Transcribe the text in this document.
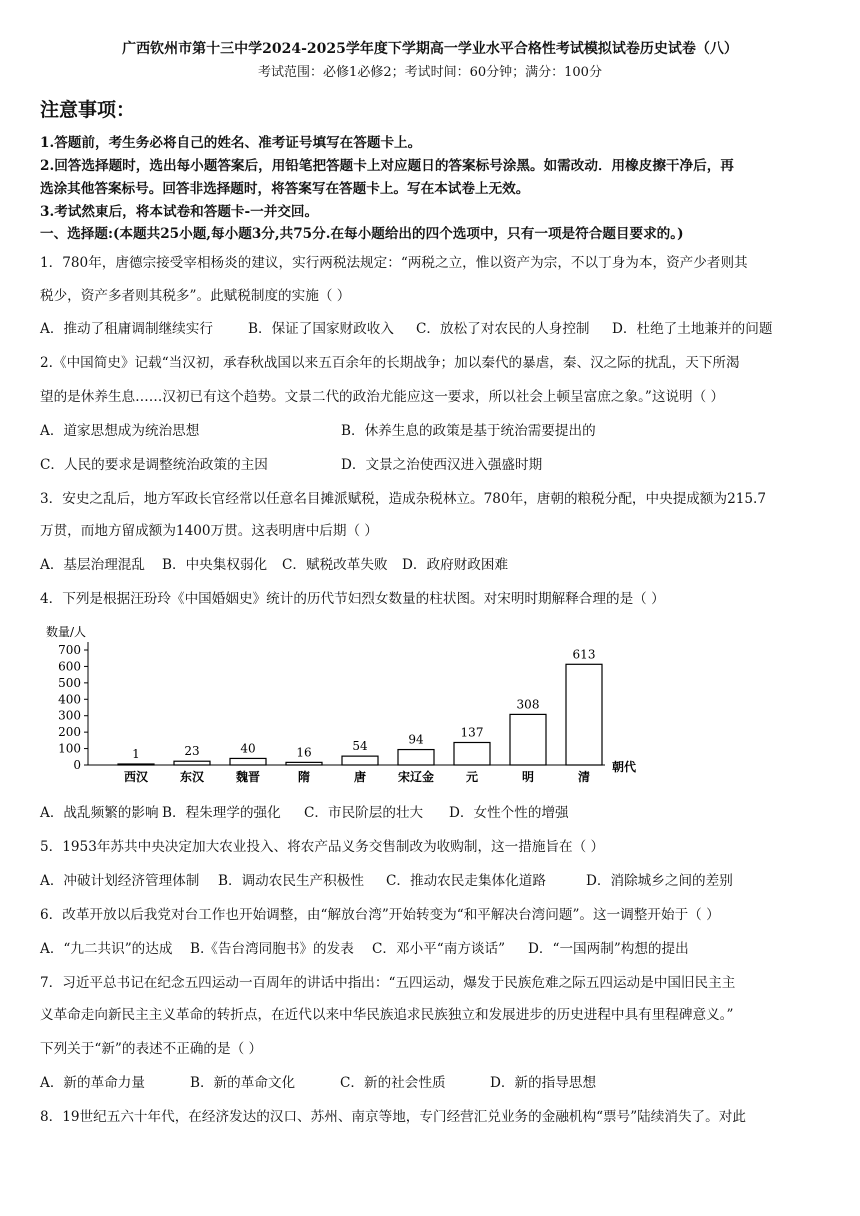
广西钦州市第十三中学2024-2025学年度下学期高一学业水平合格性考试模拟试卷历史试卷（八）
考试范围：必修1必修2；考试时间：60分钟；满分：100分
注意事项：
1.答题前，考生务必将自己的姓名、准考证号填写在答题卡上。
2.回答选择题时，选出每小题答案后，用铅笔把答题卡上对应题日的答案标号涂黑。如需改动．用橡皮擦干净后，再
选涂其他答案标号。回答非选择题时，将答案写在答题卡上。写在本试卷上无效。
3.考试然東后，将本试卷和答题卡-一并交回。
一、选择题:(本题共25小题,每小题3分,共75分.在每小题给出的四个选项中，只有一项是符合题目要求的。)
1．780年，唐德宗接受宰相杨炎的建议，实行两税法规定：“两税之立，惟以资产为宗，不以丁身为本，资产少者则其
税少，资产多者则其税多”。此赋税制度的实施（ ）
A．推动了租庸调制继续实行	B．保证了国家财政收入 C．放松了对农民的人身控制 D．杜绝了土地兼并的问题
2.《中国简史》记载“当汉初，承春秋战国以来五百余年的长期战争；加以秦代的暴虐，秦、汉之际的扰乱，天下所渴
望的是休养生息……汉初已有这个趋势。文景二代的政治尤能应这一要求，所以社会上顿呈富庶之象。”这说明（ ）
A．道家思想成为统治思想	B．休养生息的政策是基于统治需要提出的
C．人民的要求是调整统治政策的主因	D．文景之治使西汉进入强盛时期
3．安史之乱后，地方军政长官经常以任意名目摊派赋税，造成杂税林立。780年，唐朝的粮税分配，中央提成额为215.7
万贯，而地方留成额为1400万贯。这表明唐中后期（ ）
A．基层治理混乱 B．中央集权弱化 C．赋税改革失败 D．政府财政困难
4．下列是根据汪玢玲《中国婚姻史》统计的历代节妇烈女数量的柱状图。对宋明时期解释合理的是（ ）
数量/人
0
100
200
300
400
500
600
700
1
西汉
23
东汉
40
魏晋
16
隋
54
唐
94
宋辽金
137
元
308
明
613
清
朝代
A．战乱频繁的影响 B．程朱理学的强化 C．市民阶层的壮大 D．女性个性的增强
5．1953年苏共中央决定加大农业投入、将农产品义务交售制改为收购制，这一措施旨在（ ）
A．冲破计划经济管理体制 B．调动农民生产积极性 C．推动农民走集体化道路	D．消除城乡之间的差别
6．改革开放以后我党对台工作也开始调整，由“解放台湾”开始转变为“和平解决台湾问题”。这一调整开始于（ ）
A．“九二共识”的达成 B.《告台湾同胞书》的发表 C．邓小平“南方谈话” D．“一国两制”构想的提出
7．习近平总书记在纪念五四运动一百周年的讲话中指出：“五四运动，爆发于民族危难之际五四运动是中国旧民主主
义革命走向新民主主义革命的转折点，在近代以来中华民族追求民族独立和发展进步的历史进程中具有里程碑意义。”
下列关于“新”的表述不正确的是（ ）
A．新的革命力量	B．新的革命文化	C．新的社会性质	D．新的指导思想
8．19世纪五六十年代，在经济发达的汉口、苏州、南京等地，专门经营汇兑业务的金融机构“票号”陆续消失了。对此
